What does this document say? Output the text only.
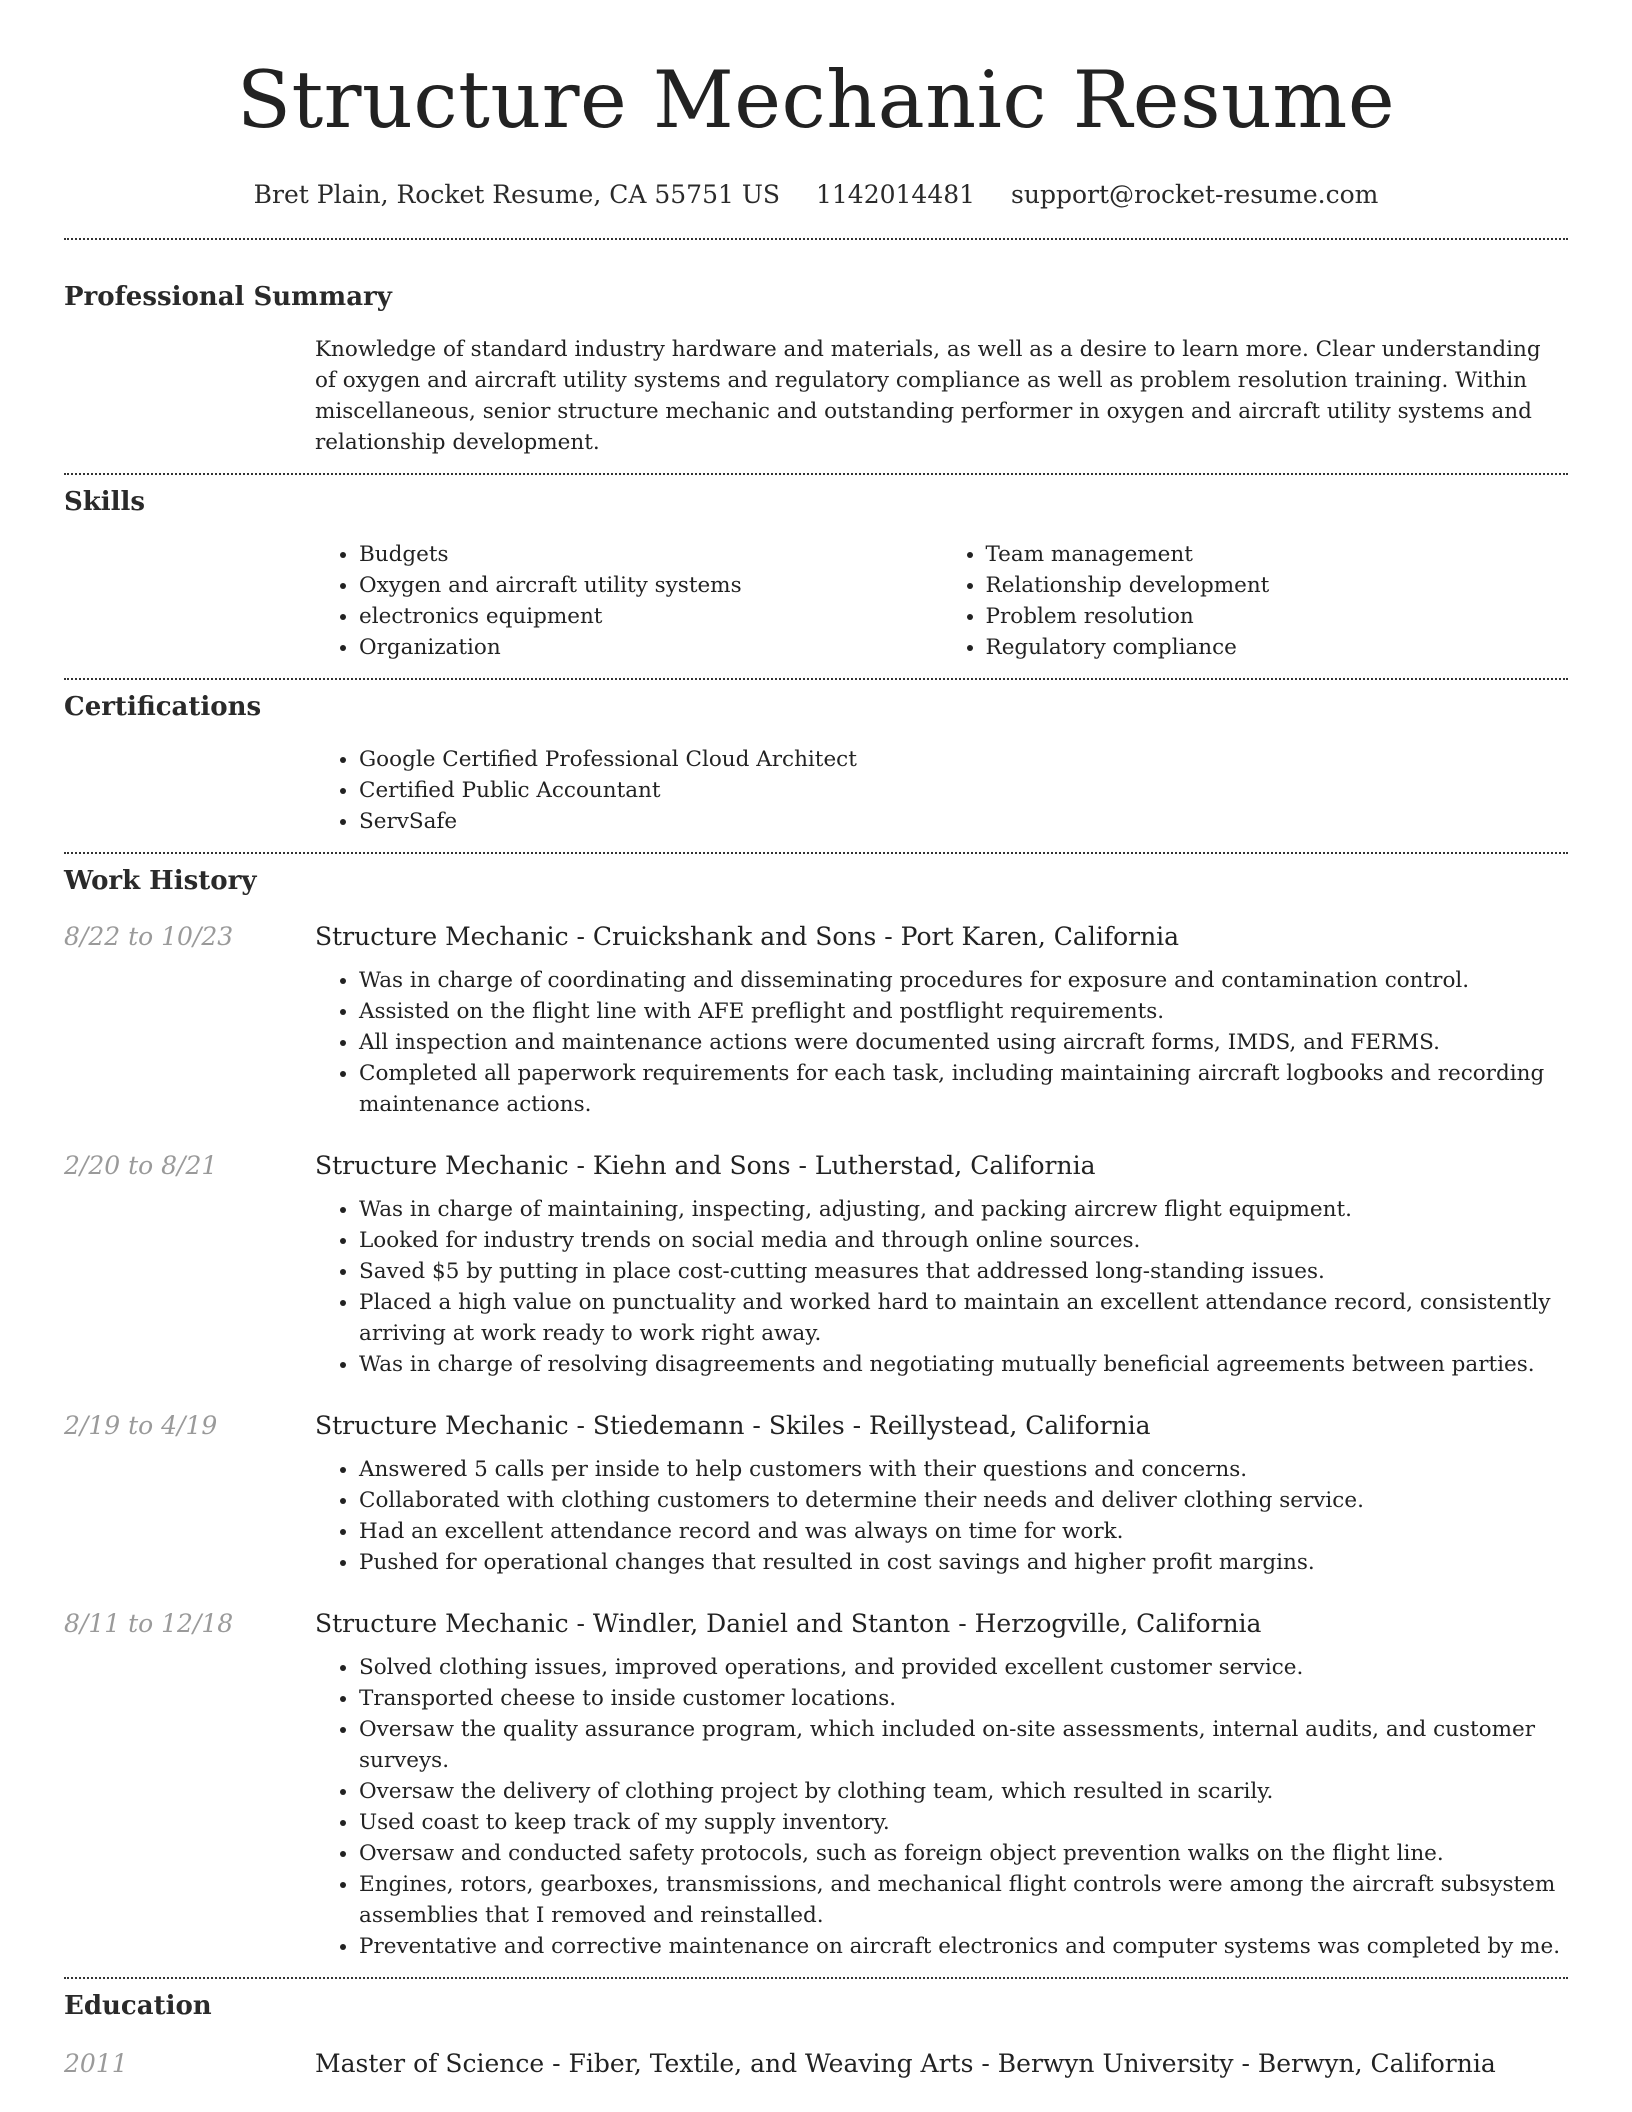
Structure Mechanic Resume
Bret Plain, Rocket Resume, CA 55751 US 1142014481 support@rocket-resume.com
Professional Summary

Knowledge of standard industry hardware and materials, as well as a desire to learn more. Clear understanding of oxygen and aircraft utility systems and regulatory compliance as well as problem resolution training. Within miscellaneous, senior structure mechanic and outstanding performer in oxygen and aircraft utility systems and relationship development.

Skills
• Budgets
• Oxygen and aircraft utility systems
• electronics equipment
• Organization
• Team management
• Relationship development
• Problem resolution
• Regulatory compliance
Certifications
• Google Certified Professional Cloud Architect
• Certified Public Accountant
• ServSafe
Work History
8/22 to 10/23	Structure Mechanic - Cruickshank and Sons - Port Karen, California
• Was in charge of coordinating and disseminating procedures for exposure and contamination control.
• Assisted on the flight line with AFE preflight and postflight requirements.
• All inspection and maintenance actions were documented using aircraft forms, IMDS, and FERMS.
• Completed all paperwork requirements for each task, including maintaining aircraft logbooks and recording maintenance actions.
2/20 to 8/21	Structure Mechanic - Kiehn and Sons - Lutherstad, California
• Was in charge of maintaining, inspecting, adjusting, and packing aircrew flight equipment.
• Looked for industry trends on social media and through online sources.
• Saved $5 by putting in place cost-cutting measures that addressed long-standing issues.
• Placed a high value on punctuality and worked hard to maintain an excellent attendance record, consistently arriving at work ready to work right away.
• Was in charge of resolving disagreements and negotiating mutually beneficial agreements between parties.
2/19 to 4/19	Structure Mechanic - Stiedemann - Skiles - Reillystead, California
• Answered 5 calls per inside to help customers with their questions and concerns.
• Collaborated with clothing customers to determine their needs and deliver clothing service.
• Had an excellent attendance record and was always on time for work.
• Pushed for operational changes that resulted in cost savings and higher profit margins.
8/11 to 12/18	Structure Mechanic - Windler, Daniel and Stanton - Herzogville, California
• Solved clothing issues, improved operations, and provided excellent customer service.
• Transported cheese to inside customer locations.
• Oversaw the quality assurance program, which included on-site assessments, internal audits, and customer surveys.
• Oversaw the delivery of clothing project by clothing team, which resulted in scarily.
• Used coast to keep track of my supply inventory.
• Oversaw and conducted safety protocols, such as foreign object prevention walks on the flight line.
• Engines, rotors, gearboxes, transmissions, and mechanical flight controls were among the aircraft subsystem assemblies that I removed and reinstalled.
• Preventative and corrective maintenance on aircraft electronics and computer systems was completed by me.
Education
2011	Master of Science - Fiber, Textile, and Weaving Arts - Berwyn University - Berwyn, California
